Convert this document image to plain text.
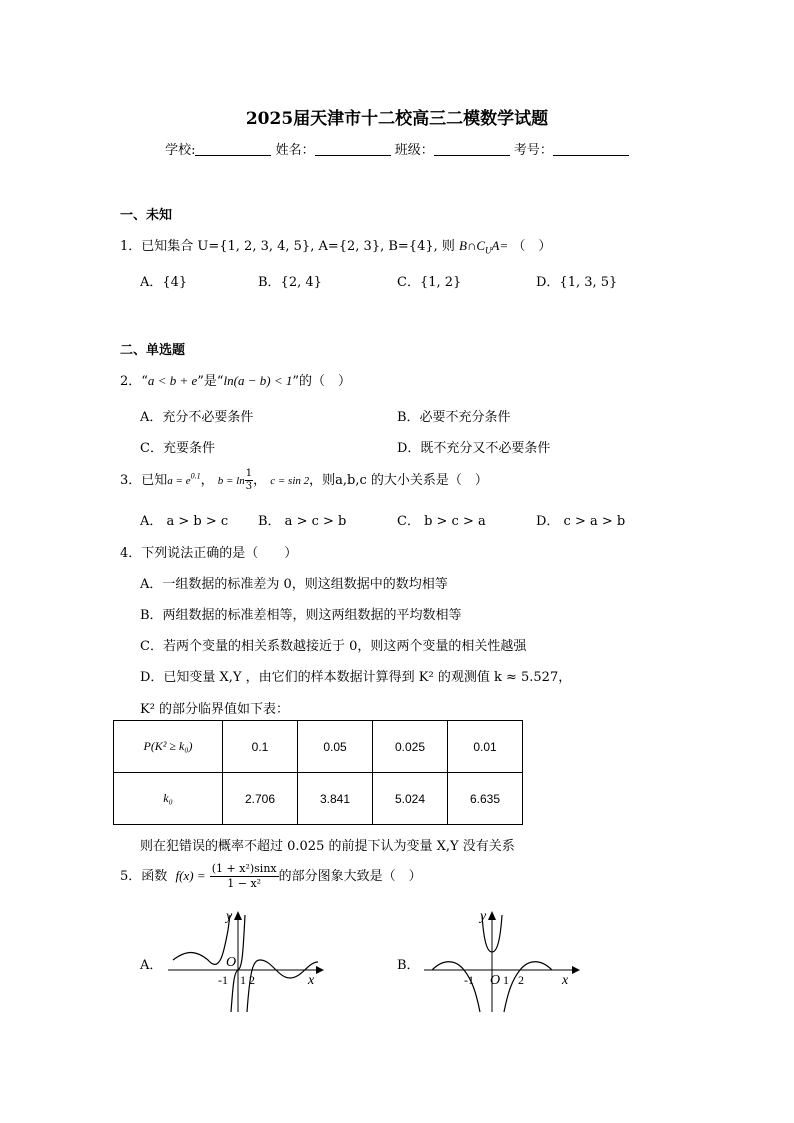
2025届天津市十二校高三二模数学试题
学校:	姓名：	班级：	考号：
一、未知
1．已知集合 U={1, 2, 3, 4, 5}, A={2, 3}, B={4}, 则 $B\cap C_UA=$ （　）
A．{4}	B．{2, 4}	C．{1, 2}	D．{1, 3, 5}
二、单选题
2．“a < b + e”是“ln(a − b) < 1”的（　）
A．充分不必要条件	B．必要不充分条件
C．充要条件	D．既不充分又不必要条件
3．已知$a = e^{0.1}$， $b = \ln \frac{1}{3}$ ， c = sin 2，则a,b,c 的大小关系是（　）
A． a > b > c B． a > c > b	C． b > c > a	D． c > a > b
4．下列说法正确的是（　　）
A．一组数据的标准差为 0，则这组数据中的数均相等
B．两组数据的标准差相等，则这两组数据的平均数相等
C．若两个变量的相关系数越接近于 0，则这两个变量的相关性越强
D．已知变量 X,Y ，由它们的样本数据计算得到 K² 的观测值 k ≈ 5.527，
K² 的部分临界值如下表：
P(K² ≥ k₀)	0.1	0.05	0.025	0.01
k₀	2.706	3.841	5.024	6.635
则在犯错误的概率不超过 0.025 的前提下认为变量 X,Y 没有关系
5．函数 $f(x) = \frac{\text{(1 + x²)sinx}}{\text{1 − x²}}$ 的部分图象大致是（　）
A．	B．
y
x
O
-1 1 2
y
x
O
-1 1 2
